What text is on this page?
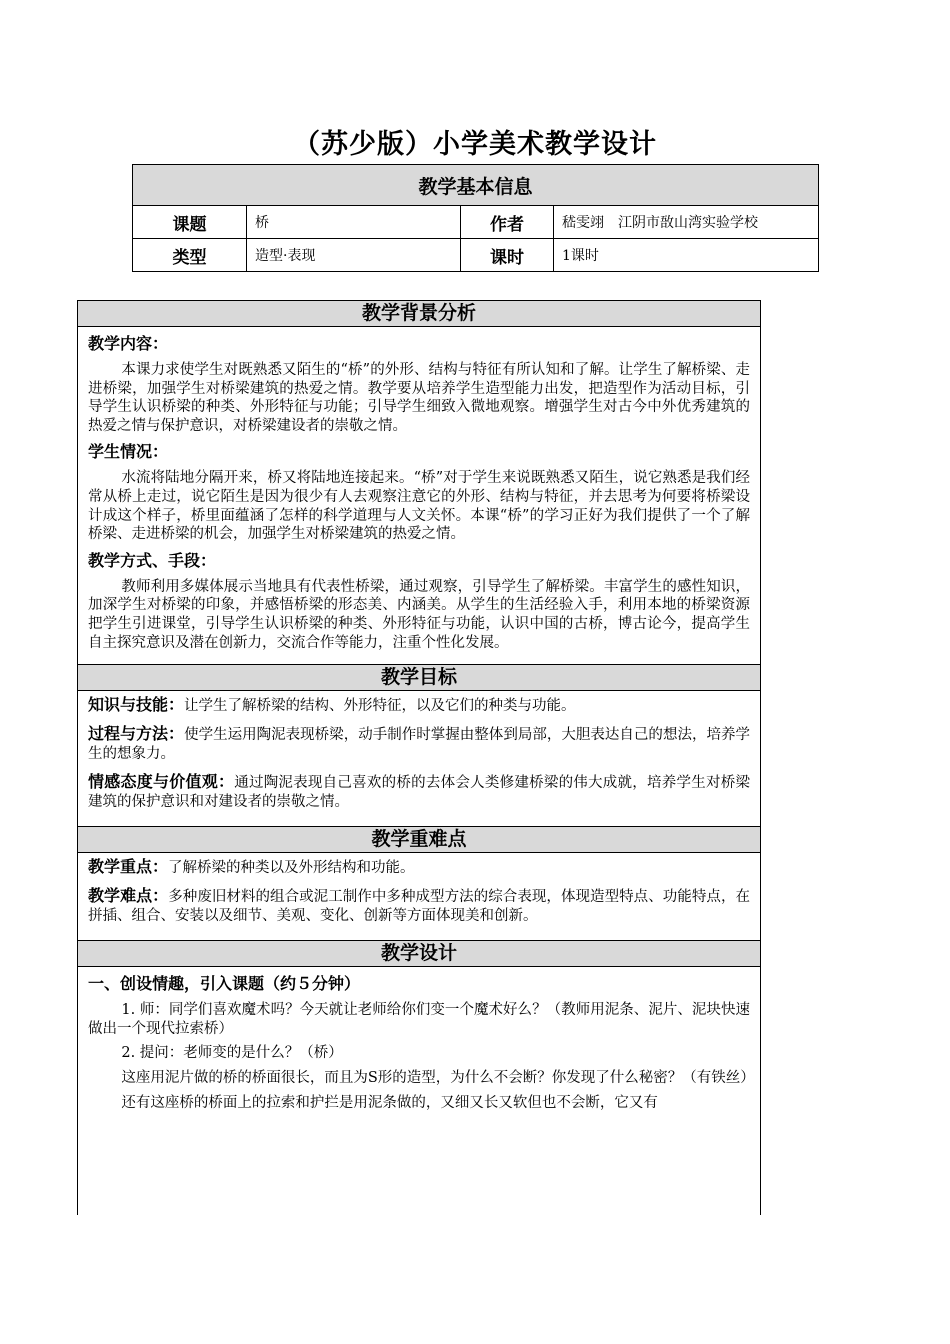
（苏少版）小学美术教学设计
教学基本信息			
课题	桥	作者	嵇雯翊　江阴市敔山湾实验学校
类型	造型·表现	课时	1课时
教学背景分析
教学内容：

本课力求使学生对既熟悉又陌生的“桥”的外形、结构与特征有所认知和了解。让学生了解桥梁、走进桥梁，加强学生对桥梁建筑的热爱之情。教学要从培养学生造型能力出发，把造型作为活动目标，引导学生认识桥梁的种类、外形特征与功能；引导学生细致入微地观察。增强学生对古今中外优秀建筑的热爱之情与保护意识，对桥梁建设者的崇敬之情。

学生情况：

水流将陆地分隔开来，桥又将陆地连接起来。“桥”对于学生来说既熟悉又陌生，说它熟悉是我们经常从桥上走过，说它陌生是因为很少有人去观察注意它的外形、结构与特征，并去思考为何要将桥梁设计成这个样子，桥里面蕴涵了怎样的科学道理与人文关怀。本课“桥”的学习正好为我们提供了一个了解桥梁、走进桥梁的机会，加强学生对桥梁建筑的热爱之情。

教学方式、手段：

教师利用多媒体展示当地具有代表性桥梁，通过观察，引导学生了解桥梁。丰富学生的感性知识，加深学生对桥梁的印象，并感悟桥梁的形态美、内涵美。从学生的生活经验入手，利用本地的桥梁资源把学生引进课堂，引导学生认识桥梁的种类、外形特征与功能，认识中国的古桥，博古论今，提高学生自主探究意识及潜在创新力，交流合作等能力，注重个性化发展。

教学目标

知识与技能：让学生了解桥梁的结构、外形特征，以及它们的种类与功能。

过程与方法：使学生运用陶泥表现桥梁，动手制作时掌握由整体到局部，大胆表达自己的想法，培养学生的想象力。

情感态度与价值观：通过陶泥表现自己喜欢的桥的去体会人类修建桥梁的伟大成就，培养学生对桥梁建筑的保护意识和对建设者的崇敬之情。

教学重难点

教学重点：了解桥梁的种类以及外形结构和功能。

教学难点：多种废旧材料的组合或泥工制作中多种成型方法的综合表现，体现造型特点、功能特点，在拼插、组合、安装以及细节、美观、变化、创新等方面体现美和创新。

教学设计
一、创设情趣，引入课题（约５分钟）

1. 师：同学们喜欢魔术吗？今天就让老师给你们变一个魔术好么？（教师用泥条、泥片、泥块快速做出一个现代拉索桥）

2. 提问：老师变的是什么？（桥）

这座用泥片做的桥的桥面很长，而且为S形的造型，为什么不会断？你发现了什么秘密？（有铁丝）

还有这座桥的桥面上的拉索和护拦是用泥条做的，又细又长又软但也不会断，它又有
